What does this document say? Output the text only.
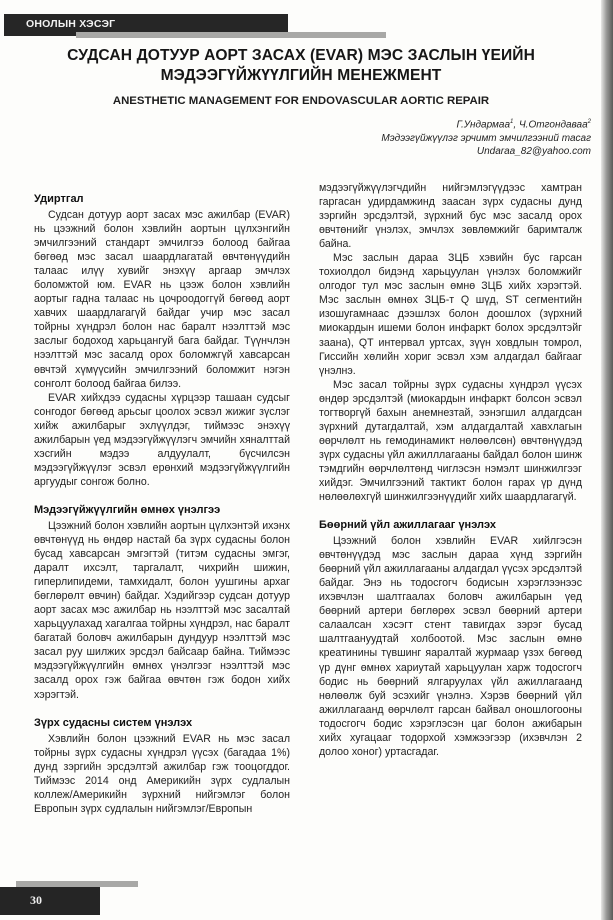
ОНОЛЫН ХЭСЭГ
СУДСАН ДОТУУР АОРТ ЗАСАХ (EVAR) МЭС ЗАСЛЫН ҮЕИЙН МЭДЭЭГҮЙЖҮҮЛГИЙН МЕНЕЖМЕНТ
ANESTHETIC MANAGEMENT FOR ENDOVASCULAR AORTIC REPAIR
Г.Ундармаа$^1$, Ч.Отгондаваа$^2$
Мэдээгүйжүүлэг эрчимт эмчилгээний тасаг
Undaraa_82@yahoo.com
Удиртгал

Судсан дотуур аорт засах мэс ажилбар (EVAR) нь цээжний болон хэвлийн аортын цүлхэнгийн эмчилгээний стандарт эмчилгээ болоод байгаа бөгөөд мэс засал шаардлагатай өвчтөнүүдийн талаас илүү хувийг энэхүү аргаар эмчлэх боломжтой юм. EVAR нь цээж болон хэвлийн аортыг гадна талаас нь цочроодоггүй бөгөөд аорт хавчих шаардлагагүй байдаг учир мэс засал тойрны хүндрэл болон нас баралт нээлттэй мэс заслыг бодоход харьцангуй бага байдаг. Түүнчлэн нээлттэй мэс засалд орох боломжгүй хавсарсан өвчтэй хүмүүсийн эмчилгээний боломжит нэгэн сонголт болоод байгаа билээ.

EVAR хийхдээ судасны хүрцээр ташаан судсыг сонгодог бөгөөд арьсыг цоолох эсвэл жижиг зүслэг хийж ажилбарыг эхлүүлдэг, тиймээс энэхүү ажилбарын үед мэдээгүйжүүлэгч эмчийн хяналттай хэсгийн мэдээ алдуулалт, бүсчилсэн мэдээгүйжүүлэг эсвэл ерөнхий мэдээгүйжүүлгийн аргуудыг сонгож болно.

Мэдээгүйжүүлгийн өмнөх үнэлгээ

Цээжний болон хэвлийн аортын цүлхэнтэй ихэнх өвчтөнүүд нь өндөр настай ба зүрх судасны болон бусад хавсарсан эмгэгтэй (титэм судасны эмгэг, даралт ихсэлт, таргалалт, чихрийн шижин, гиперлипидеми, тамхидалт, болон уушгины архаг бөглөрөлт өвчин) байдаг. Хэдийгээр судсан дотуур аорт засах мэс ажилбар нь нээлттэй мэс засалтай харьцуулахад хагалгаа тойрны хүндрэл, нас баралт багатай боловч ажилбарын дундуур нээлттэй мэс засал руу шилжих эрсдэл байсаар байна. Тиймээс мэдээгүйжүүлгийн өмнөх үнэлгээг нээлттэй мэс засалд орох гэж байгаа өвчтөн гэж бодон хийх хэрэгтэй.

Зүрх судасны систем үнэлэх

Хэвлийн болон цээжний EVAR нь мэс засал тойрны зүрх судасны хүндрэл үүсэх (багадаа 1%) дунд зэргийн эрсдэлтэй ажилбар гэж тооцогддог. Тиймээс 2014 онд Америкийн зүрх судлалын коллеж/Америкийн зүрхний нийгэмлэг болон Европын зүрх судлалын нийгэмлэг/Европын

мэдээгүйжүүлэгчдийн нийгэмлэгүүдээс хамтран гаргасан удирдамжинд заасан зүрх судасны дунд зэргийн эрсдэлтэй, зүрхний бус мэс засалд орох өвчтөнийг үнэлэх, эмчлэх зөвлөмжийг баримталж байна.

Мэс заслын дараа ЗЦБ хэвийн бус гарсан тохиолдол бидэнд харьцуулан үнэлэх боломжийг олгодог тул мэс заслын өмнө ЗЦБ хийх хэрэгтэй. Мэс заслын өмнөх ЗЦБ-т Q шүд, ST сегментийн изошугамнаас дээшлэх болон доошлох (зүрхний миокардын ишеми болон инфаркт болох эрсдэлтэйг заана), QT интервал уртсах, зүүн ховдлын томрол, Гиссийн хөлийн хориг эсвэл хэм алдагдал байгааг үнэлнэ.

Мэс засал тойрны зүрх судасны хүндрэл үүсэх өндөр эрсдэлтэй (миокардын инфаркт болсон эсвэл тогтворгүй бахын анемнезтай, ээнэгшил алдагдсан зүрхний дутагдалтай, хэм алдагдалтай хавхлагын өөрчлөлт нь гемодинамикт нөлөөлсөн) өвчтөнүүдэд зүрх судасны үйл ажилллагааны байдал болон шинж тэмдгийн өөрчлөлтөнд чиглэсэн нэмэлт шинжилгээг хийдэг. Эмчилгээний тактикт болон гарах үр дүнд нөлөөлөхгүй шинжилгээнүүдийг хийх шаардлагагүй.

Бөөрний үйл ажиллагааг үнэлэх

Цээжний болон хэвлийн EVAR хийлгэсэн өвчтөнүүдэд мэс заслын дараа хүнд зэргийн бөөрний үйл ажиллагааны алдагдал үүсэх эрсдэлтэй байдаг. Энэ нь тодосгогч бодисын хэрэглээнээс ихэвчлэн шалтгаалах боловч ажилбарын үед бөөрний артери бөглөрөх эсвэл бөөрний артери салаалсан хэсэгт стент тавигдах зэрэг бусад шалтгаануудтай холбоотой. Мэс заслын өмнө креатинины түвшинг яаралтай журмаар үзэх бөгөөд үр дүнг өмнөх хариутай харьцуулан харж тодосгогч бодис нь бөөрний ялгаруулах үйл ажиллагаанд нөлөөлж буй эсэхийг үнэлнэ. Хэрэв бөөрний үйл ажиллагаанд өөрчлөлт гарсан байвал оношлогооны тодосгогч бодис хэрэглэсэн цаг болон ажибарын хийх хугацааг тодорхой хэмжээгээр (ихэвчлэн 2 долоо хоног) уртасгадаг.

30
